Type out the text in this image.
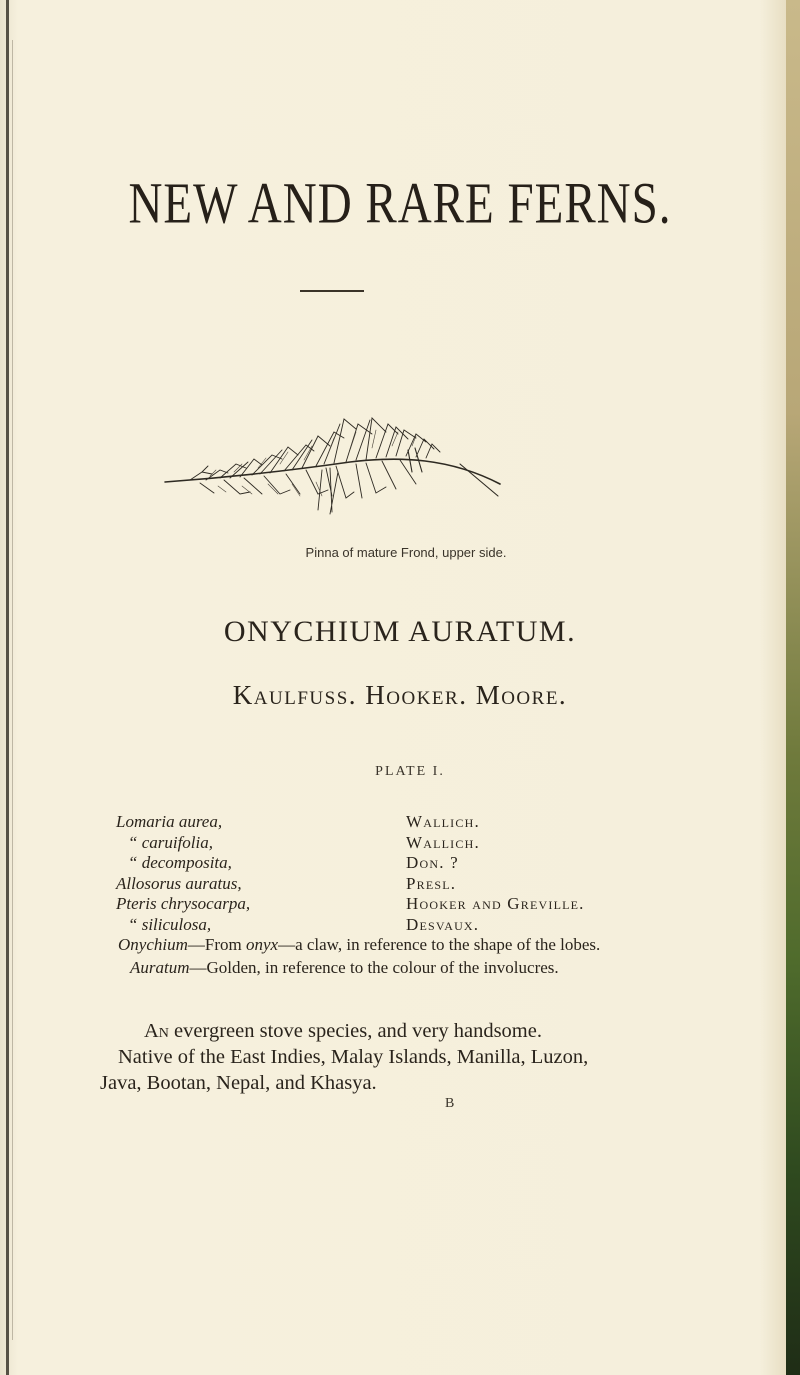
NEW AND RARE FERNS.
Pinna of mature Frond, upper side.
ONYCHIUM AURATUM.
Kaulfuss. Hooker. Moore.
PLATE I.
Lomaria aurea,	Wallich.
“ caruifolia,	Wallich.
“ decomposita,	Don. ?
Allosorus auratus,	Presl.
Pteris chrysocarpa,	Hooker and Greville.
“ siliculosa,	Desvaux.
Onychium—From onyx—a claw, in reference to the shape of the lobes.
Auratum—Golden, in reference to the colour of the involucres.
An evergreen stove species, and very handsome.
Native of the East Indies, Malay Islands, Manilla, Luzon,
Java, Bootan, Nepal, and Khasya.
B
